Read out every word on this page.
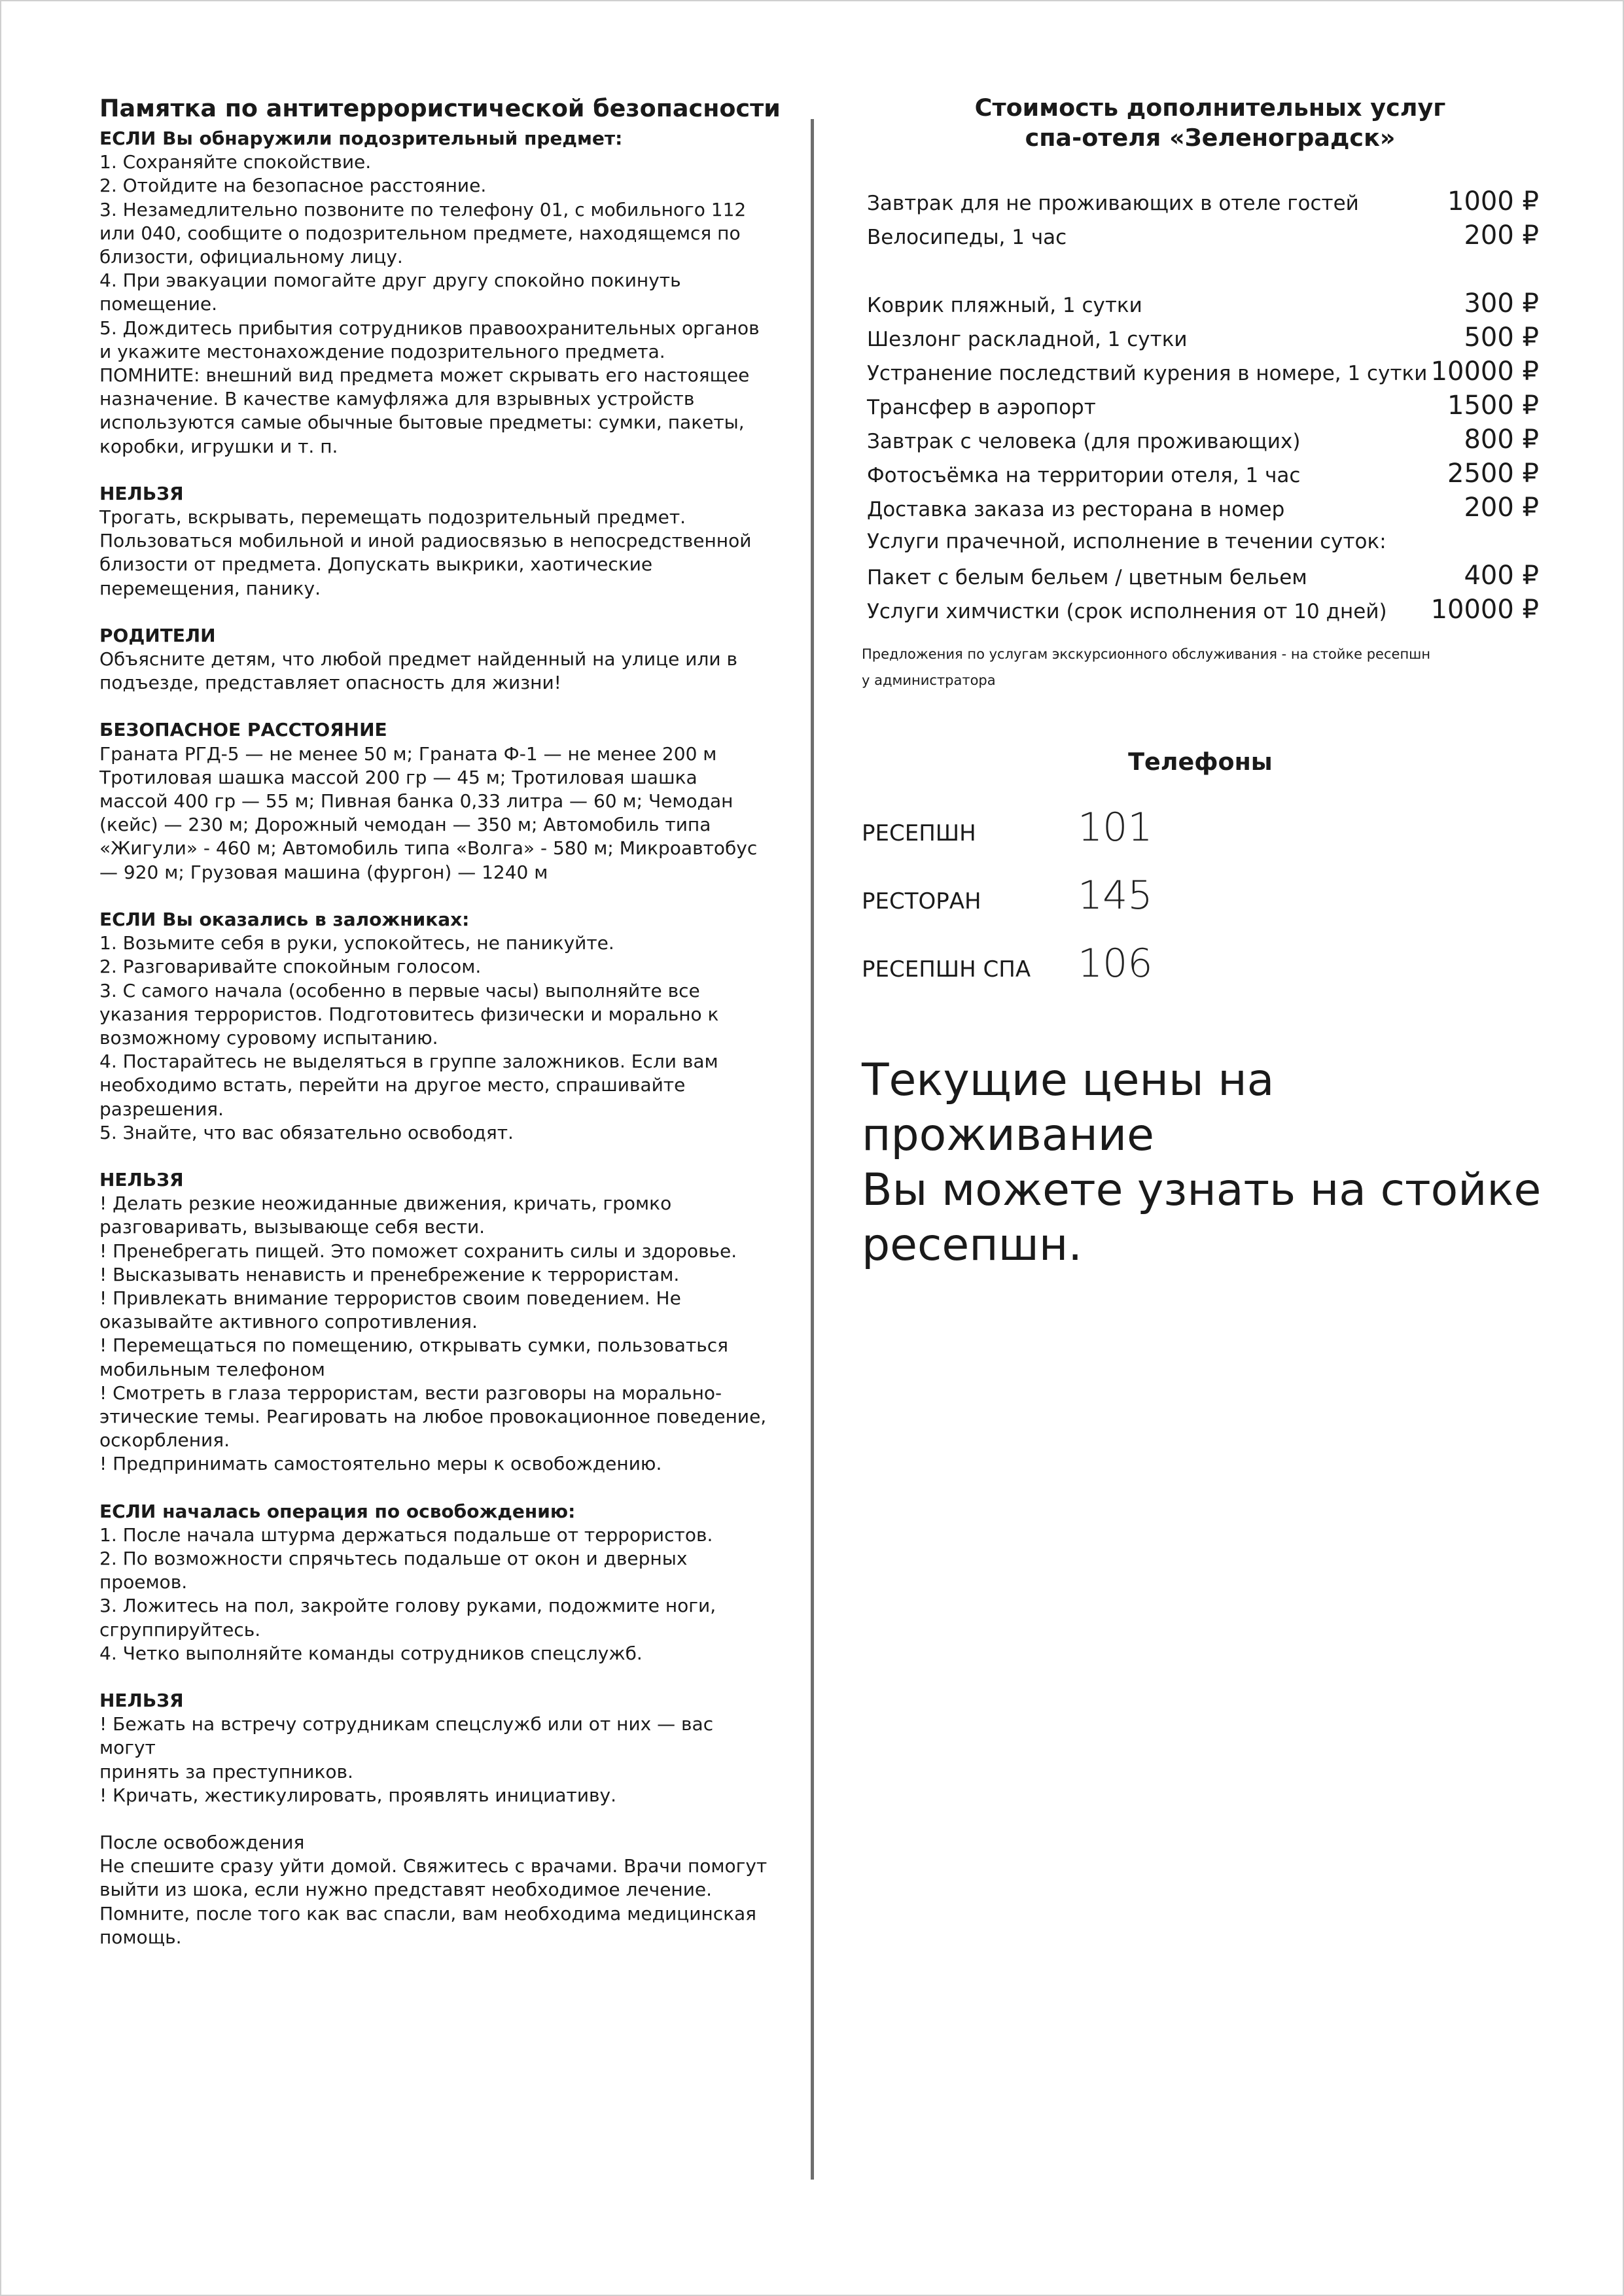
Памятка по антитеррористической безопасности
ЕСЛИ Вы обнаружили подозрительный предмет:
1. Сохраняйте спокойствие.
2. Отойдите на безопасное расстояние.
3. Незамедлительно позвоните по телефону 01, с мобильного 112
или 040, сообщите о подозрительном предмете, находящемся по
близости, официальному лицу.
4. При эвакуации помогайте друг другу спокойно покинуть
помещение.
5. Дождитесь прибытия сотрудников правоохранительных органов
и укажите местонахождение подозрительного предмета.
ПОМНИТЕ: внешний вид предмета может скрывать его настоящее
назначение. В качестве камуфляжа для взрывных устройств
используются самые обычные бытовые предметы: сумки, пакеты,
коробки, игрушки и т. п.
НЕЛЬЗЯ
Трогать, вскрывать, перемещать подозрительный предмет.
Пользоваться мобильной и иной радиосвязью в непосредственной
близости от предмета. Допускать выкрики, хаотические
перемещения, панику.
РОДИТЕЛИ
Объясните детям, что любой предмет найденный на улице или в
подъезде, представляет опасность для жизни!
БЕЗОПАСНОЕ РАССТОЯНИЕ
Граната РГД-5 — не менее 50 м; Граната Ф-1 — не менее 200 м
Тротиловая шашка массой 200 гр — 45 м; Тротиловая шашка
массой 400 гр — 55 м; Пивная банка 0,33 литра — 60 м; Чемодан
(кейс) — 230 м; Дорожный чемодан — 350 м; Автомобиль типа
«Жигули» - 460 м; Автомобиль типа «Волга» - 580 м; Микроавтобус
— 920 м; Грузовая машина (фургон) — 1240 м
ЕСЛИ Вы оказались в заложниках:
1. Возьмите себя в руки, успокойтесь, не паникуйте.
2. Разговаривайте спокойным голосом.
3. С самого начала (особенно в первые часы) выполняйте все
указания террористов. Подготовитесь физически и морально к
возможному суровому испытанию.
4. Постарайтесь не выделяться в группе заложников. Если вам
необходимо встать, перейти на другое место, спрашивайте
разрешения.
5. Знайте, что вас обязательно освободят.
НЕЛЬЗЯ
! Делать резкие неожиданные движения, кричать, громко
разговаривать, вызывающе себя вести.
! Пренебрегать пищей. Это поможет сохранить силы и здоровье.
! Высказывать ненависть и пренебрежение к террористам.
! Привлекать внимание террористов своим поведением. Не
оказывайте активного сопротивления.
! Перемещаться по помещению, открывать сумки, пользоваться
мобильным телефоном
! Смотреть в глаза террористам, вести разговоры на морально-
этические темы. Реагировать на любое провокационное поведение,
оскорбления.
! Предпринимать самостоятельно меры к освобождению.
ЕСЛИ началась операция по освобождению:
1. После начала штурма держаться подальше от террористов.
2. По возможности спрячьтесь подальше от окон и дверных
проемов.
3. Ложитесь на пол, закройте голову руками, подожмите ноги,
сгруппируйтесь.
4. Четко выполняйте команды сотрудников спецслужб.
НЕЛЬЗЯ
! Бежать на встречу сотрудникам спецслужб или от них — вас могут
принять за преступников.
! Кричать, жестикулировать, проявлять инициативу.
После освобождения
Не спешите сразу уйти домой. Свяжитесь с врачами. Врачи помогут
выйти из шока, если нужно представят необходимое лечение.
Помните, после того как вас спасли, вам необходима медицинская
помощь.
Стоимость дополнительных услуг
спа-отеля «Зеленоградск»
Завтрак для не проживающих в отеле гостей	1000 ₽
Велосипеды, 1 час	200 ₽
Коврик пляжный, 1 сутки	300 ₽
Шезлонг раскладной, 1 сутки	500 ₽
Устранение последствий курения в номере, 1 сутки 10000 ₽
Трансфер в аэропорт	1500 ₽
Завтрак с человека (для проживающих)	800 ₽
Фотосъёмка на территории отеля, 1 час	2500 ₽
Доставка заказа из ресторана в номер	200 ₽
Услуги прачечной, исполнение в течении суток:
Пакет с белым бельем / цветным бельем	400 ₽
Услуги химчистки (срок исполнения от 10 дней) 10000 ₽
Предложения по услугам экскурсионного обслуживания - на стойке ресепшн
у администратора
Телефоны
РЕСЕПШН	101
РЕСТОРАН	145
РЕСЕПШН СПА	106
Текущие цены на проживание
Вы можете узнать на стойке
ресепшн.
